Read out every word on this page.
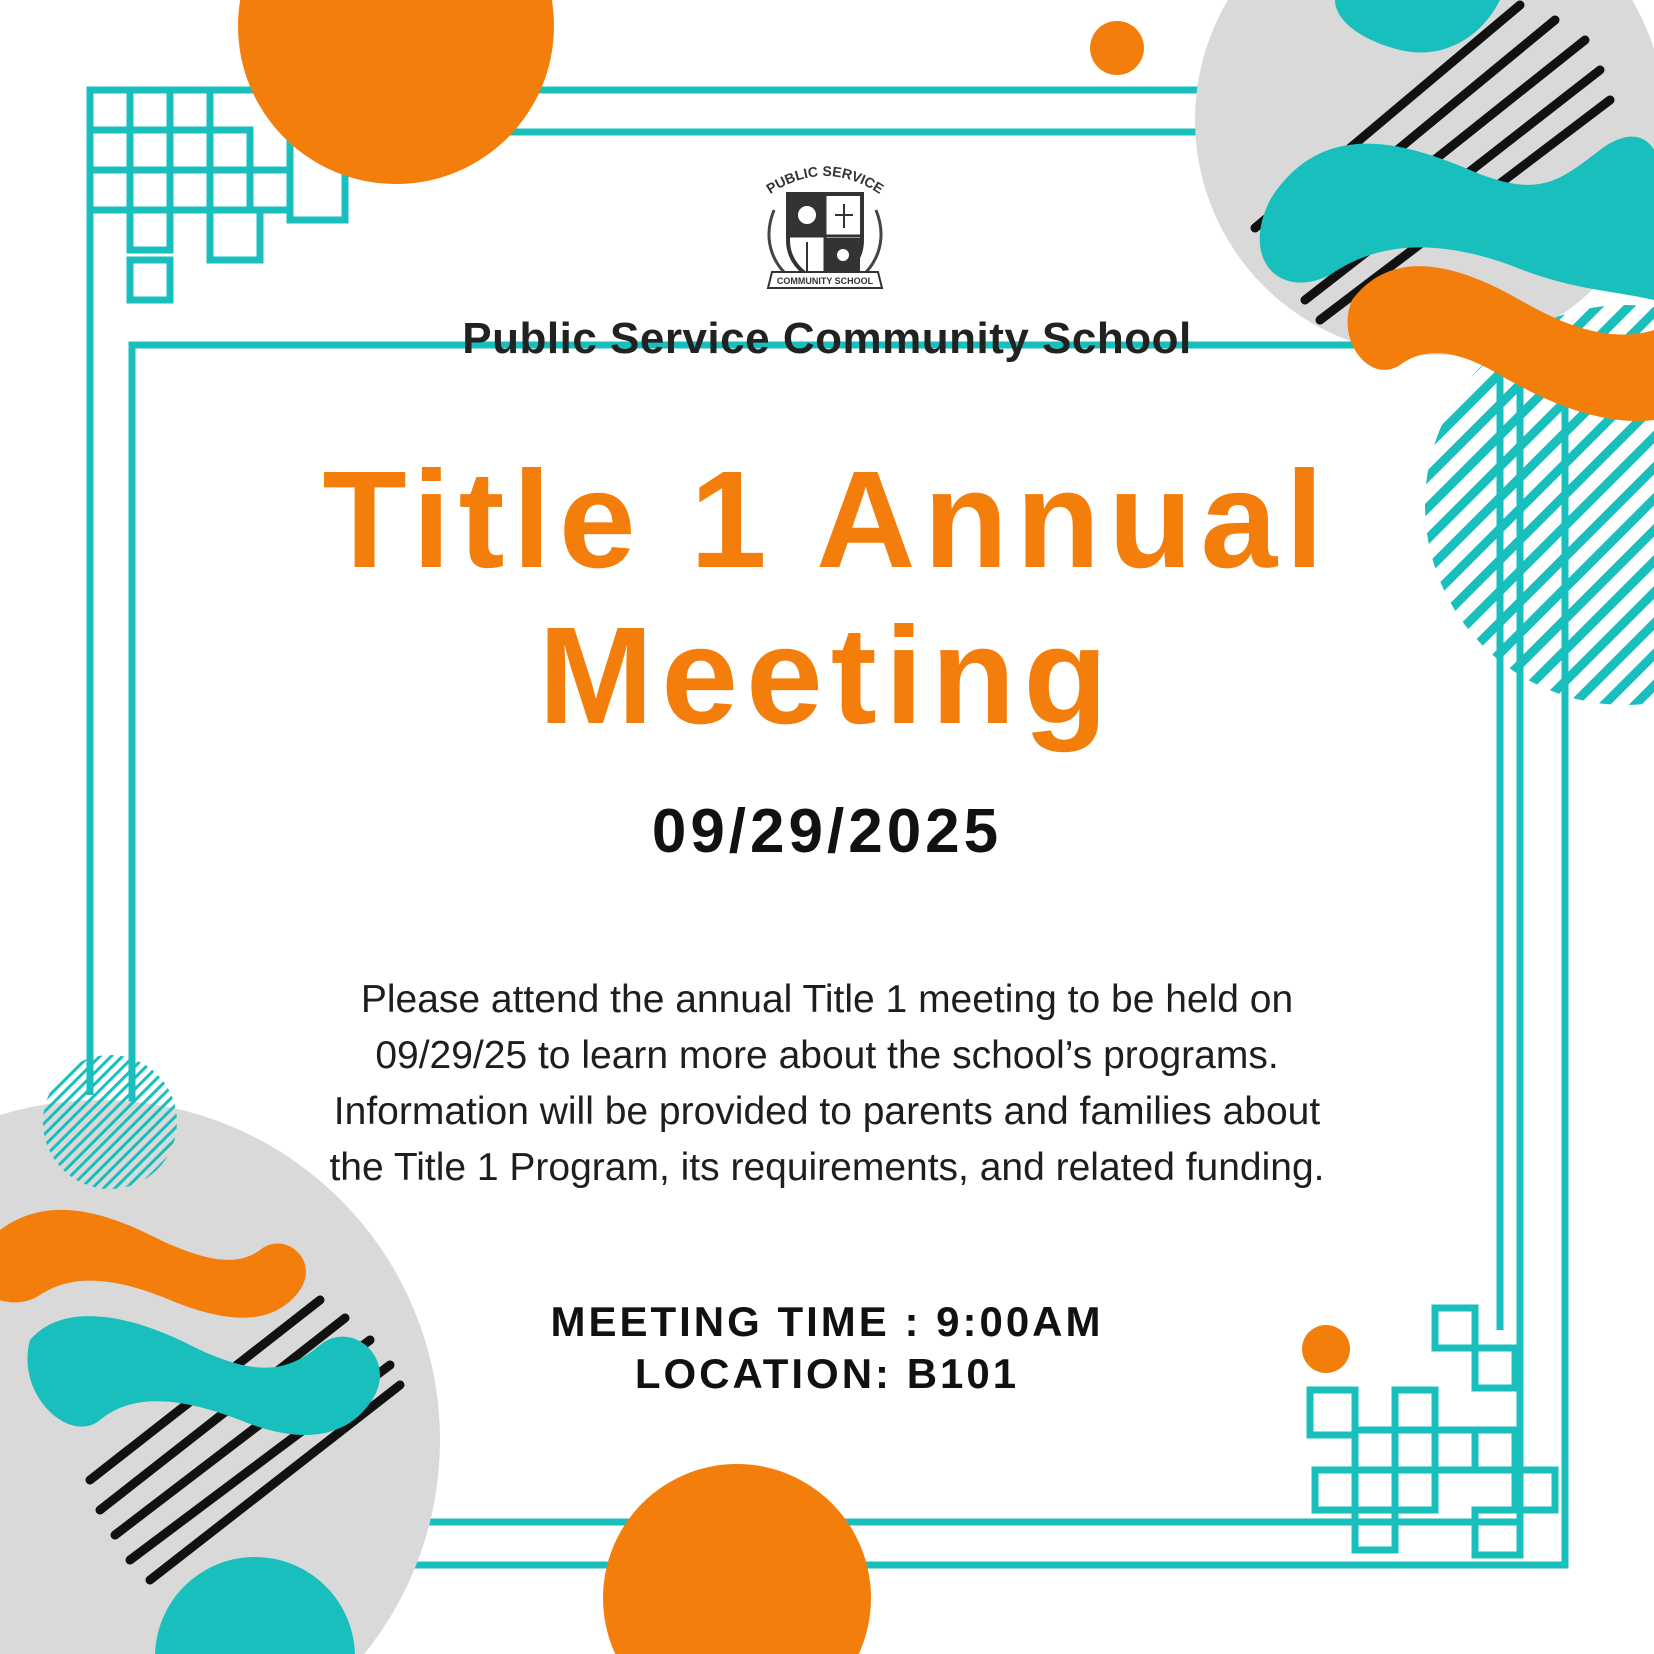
PUBLIC SERVICE
COMMUNITY SCHOOL
Public Service Community School
Title 1 Annual
Meeting
09/29/2025
Please attend the annual Title 1 meeting to be held on
09/29/25 to learn more about the school’s programs.
Information will be provided to parents and families about
the Title 1 Program, its requirements, and related funding.
MEETING TIME : 9:00AM
LOCATION: B101
